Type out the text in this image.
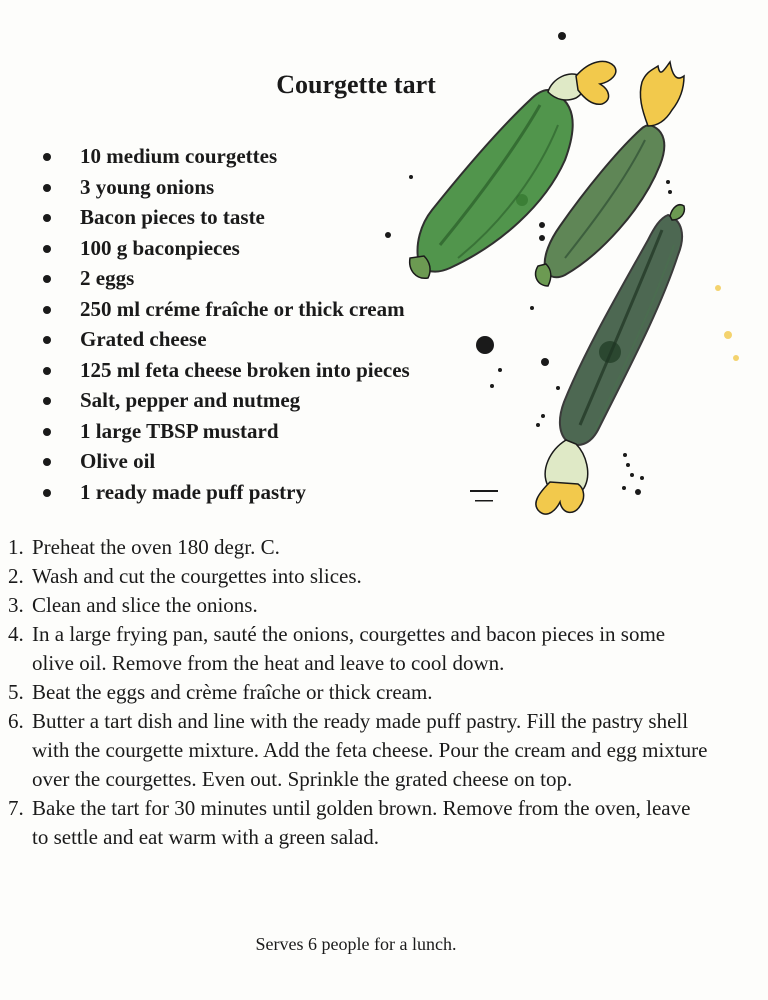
Courgette tart
10 medium courgettes
3 young onions
Bacon pieces to taste
100 g baconpieces
2 eggs
250 ml créme fraîche or thick cream
Grated cheese
125 ml feta cheese broken into pieces
Salt, pepper and nutmeg
1 large TBSP mustard
Olive oil
1 ready made puff pastry
1. Preheat the oven 180 degr. C.
2. Wash and cut the courgettes into slices.
3. Clean and slice the onions.
4. In a large frying pan, sauté the onions, courgettes and bacon pieces in some olive oil. Remove from the heat and leave to cool down.
5. Beat the eggs and crème fraîche or thick cream.
6. Butter a tart dish and line with the ready made puff pastry. Fill the pastry shell with the courgette mixture. Add the feta cheese. Pour the cream and egg mixture over the courgettes. Even out. Sprinkle the grated cheese on top.
7. Bake the tart for 30 minutes until golden brown. Remove from the oven, leave to settle and eat warm with a green salad.
Serves 6 people for a lunch.
